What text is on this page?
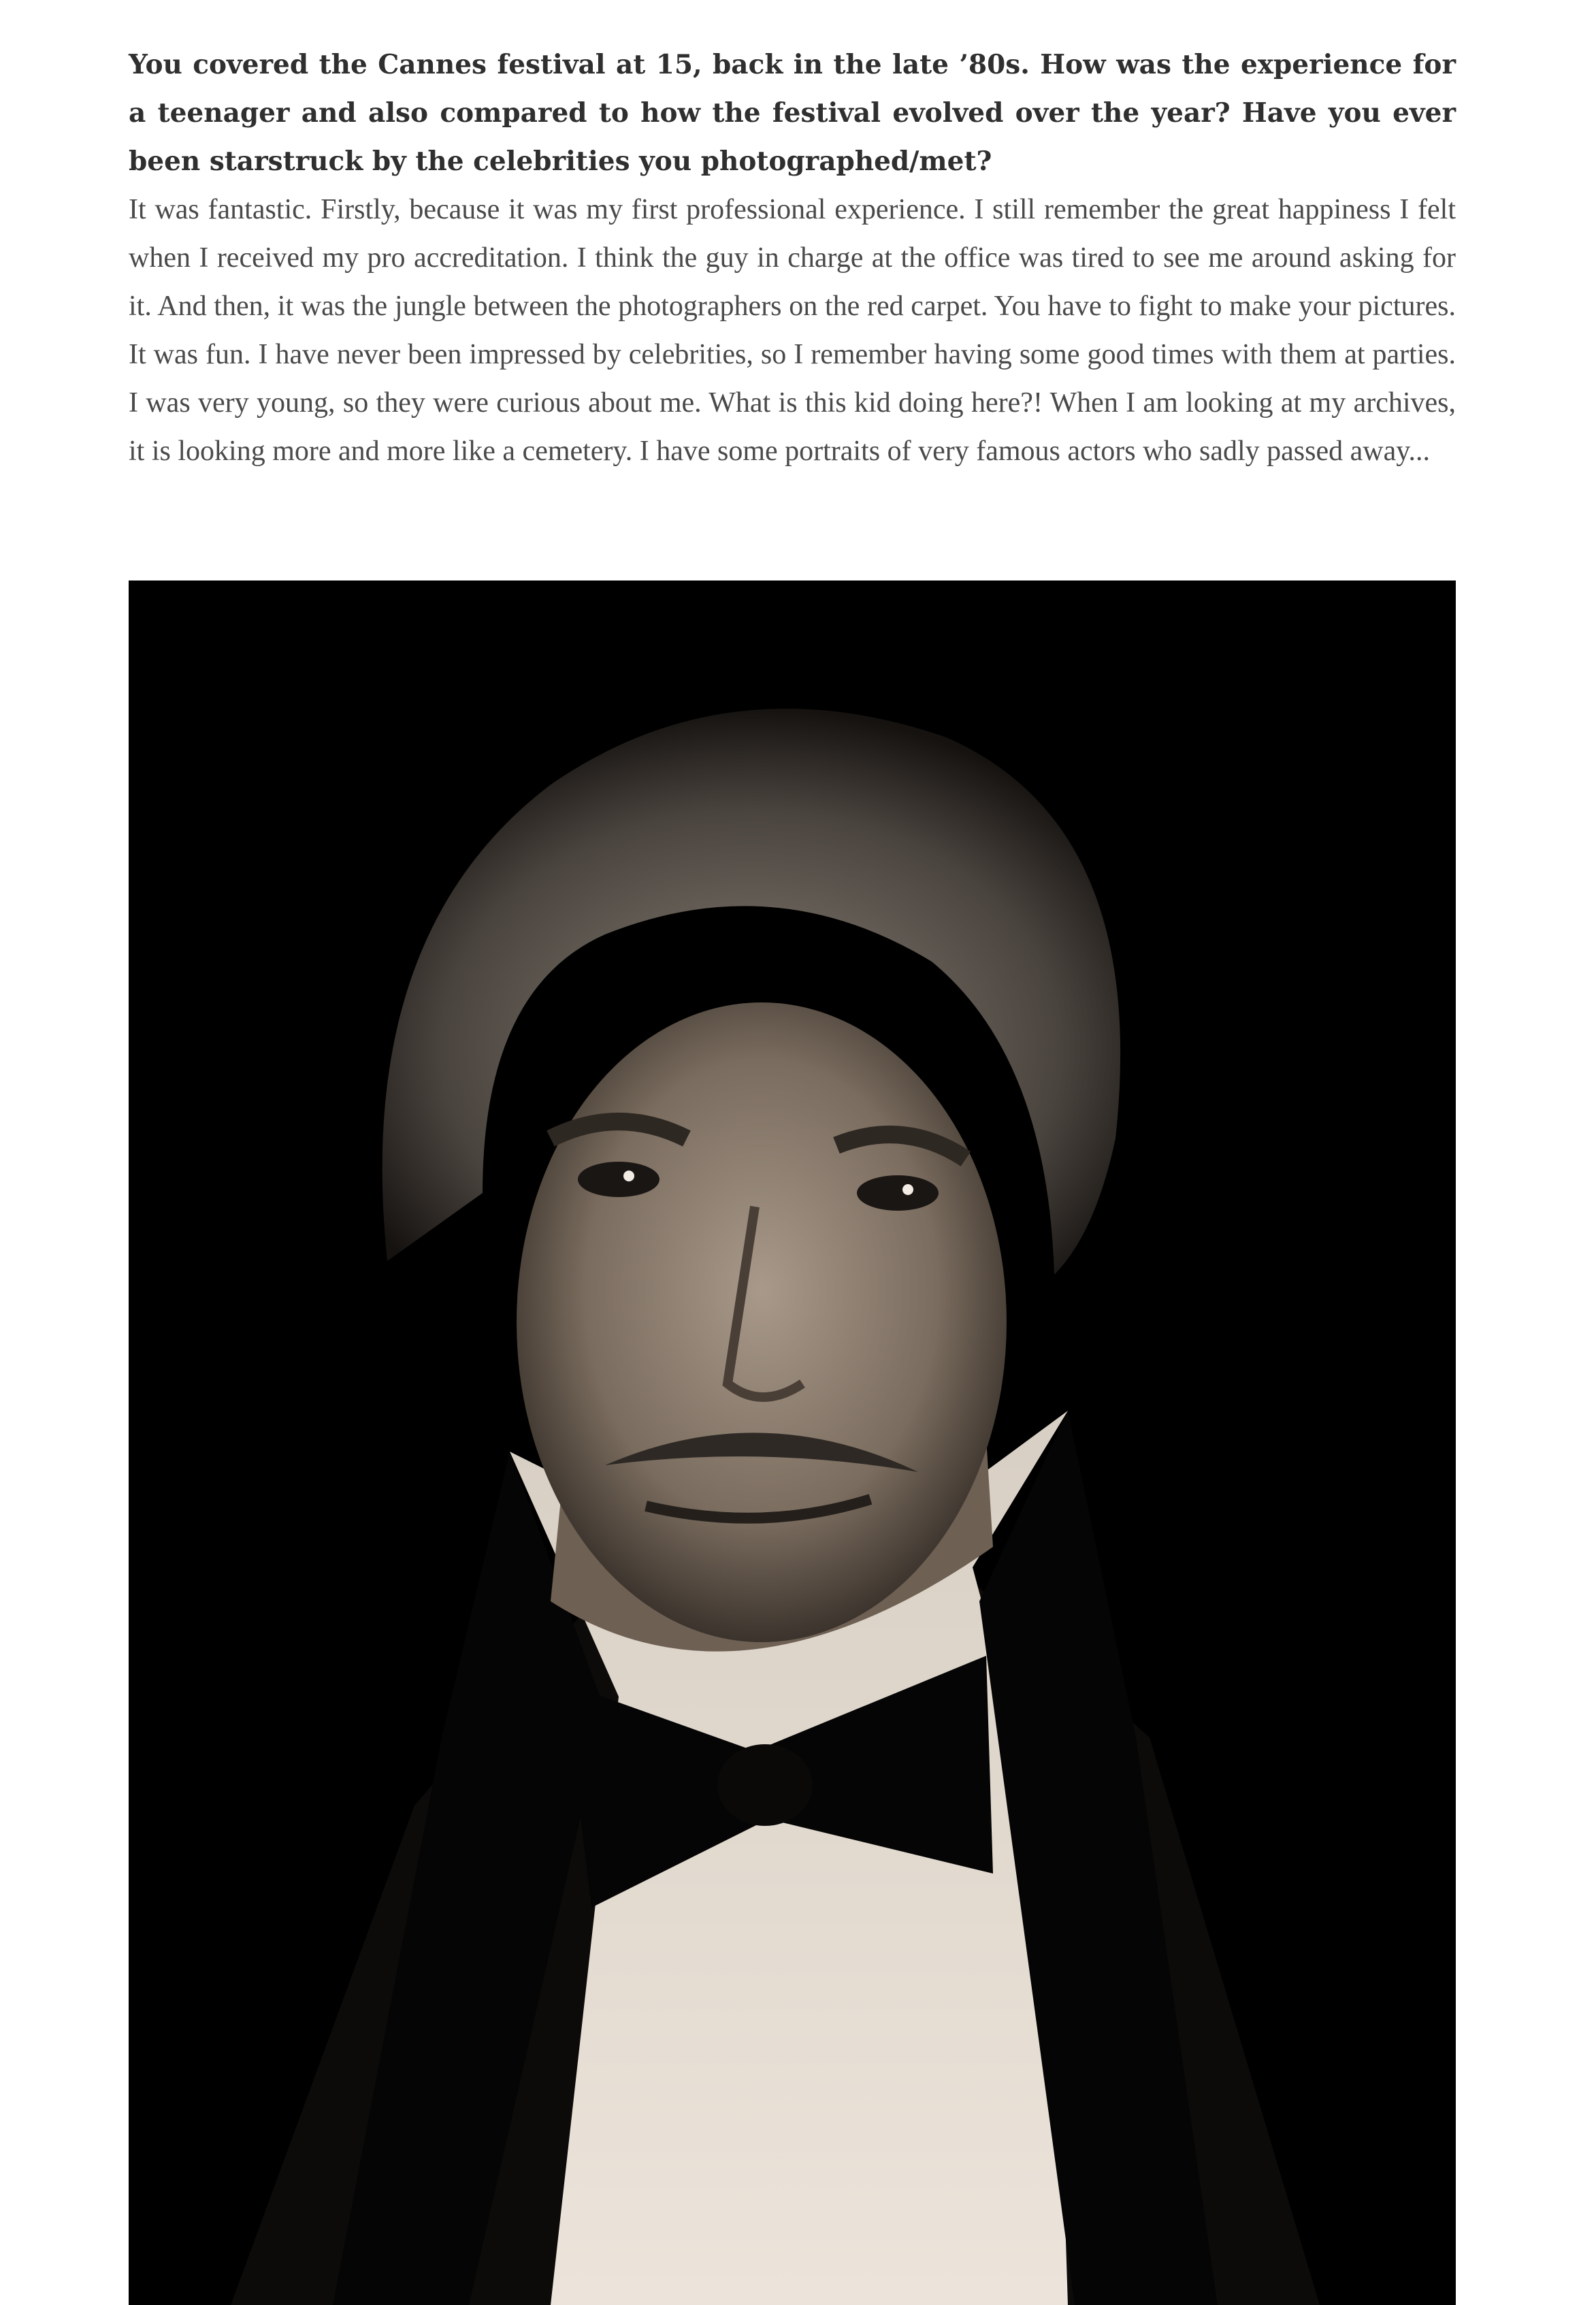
You covered the Cannes festival at 15, back in the late ’80s. How was the experience for a teenager and also compared to how the festival evolved over the year? Have you ever been starstruck by the celebrities you photographed/met?

It was fantastic. Firstly, because it was my first professional experience. I still remember the great happiness I felt when I received my pro accreditation. I think the guy in charge at the office was tired to see me around asking for it. And then, it was the jungle between the photographers on the red carpet. You have to fight to make your pictures. It was fun. I have never been impressed by celebrities, so I remember having some good times with them at parties. I was very young, so they were curious about me. What is this kid doing here?! When I am looking at my archives, it is looking more and more like a cemetery. I have some portraits of very famous actors who sadly passed away...
